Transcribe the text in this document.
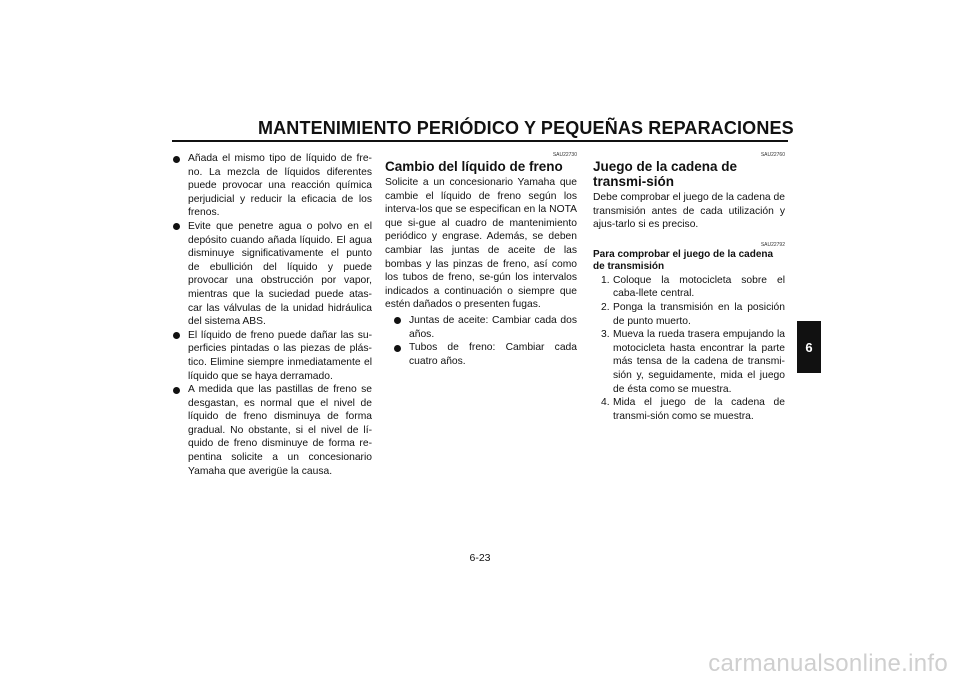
MANTENIMIENTO PERIÓDICO Y PEQUEÑAS REPARACIONES
Añada el mismo tipo de líquido de fre-no. La mezcla de líquidos diferentes puede provocar una reacción química perjudicial y reducir la eficacia de los frenos.
Evite que penetre agua o polvo en el depósito cuando añada líquido. El agua disminuye significativamente el punto de ebullición del líquido y puede provocar una obstrucción por vapor, mientras que la suciedad puede atas-car las válvulas de la unidad hidráulica del sistema ABS.
El líquido de freno puede dañar las su-perficies pintadas o las piezas de plás-tico. Elimine siempre inmediatamente el líquido que se haya derramado.
A medida que las pastillas de freno se desgastan, es normal que el nivel de líquido de freno disminuya de forma gradual. No obstante, si el nivel de lí-quido de freno disminuye de forma re-pentina solicite a un concesionario Yamaha que averigüe la causa.
SAU22730
Cambio del líquido de freno

Solicite a un concesionario Yamaha que cambie el líquido de freno según los interva-los que se especifican en la NOTA que si-gue al cuadro de mantenimiento periódico y engrase. Además, se deben cambiar las juntas de aceite de las bombas y las pinzas de freno, así como los tubos de freno, se-gún los intervalos indicados a continuación o siempre que estén dañados o presenten fugas.

Juntas de aceite: Cambiar cada dos años.
Tubos de freno: Cambiar cada cuatro años.
SAU22760
Juego de la cadena de transmi-sión

Debe comprobar el juego de la cadena de transmisión antes de cada utilización y ajus-tarlo si es preciso.

SAU22792
Para comprobar el juego de la cadena de transmisión
1. Coloque la motocicleta sobre el caba-llete central.
2. Ponga la transmisión en la posición de punto muerto.
3. Mueva la rueda trasera empujando la motocicleta hasta encontrar la parte más tensa de la cadena de transmi-sión y, seguidamente, mida el juego de ésta como se muestra.
4. Mida el juego de la cadena de transmi-sión como se muestra.
6
6-23
carmanualsonline.info
